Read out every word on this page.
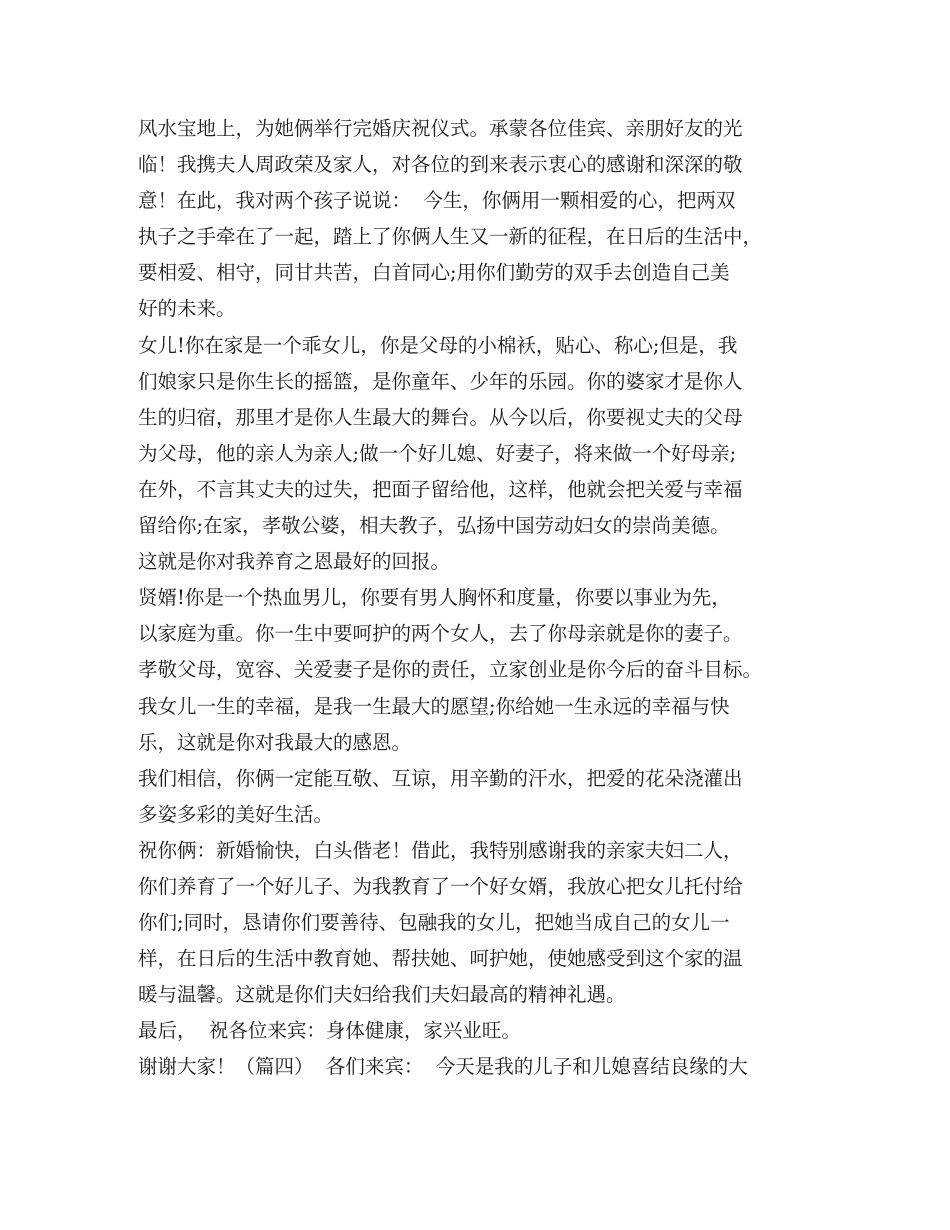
风水宝地上，为她俩举行完婚庆祝仪式。承蒙各位佳宾、亲朋好友的光
临！我携夫人周政荣及家人，对各位的到来表示衷心的感谢和深深的敬
意！在此，我对两个孩子说说：  今生，你俩用一颗相爱的心，把两双
执子之手牵在了一起，踏上了你俩人生又一新的征程，在日后的生活中，
要相爱、相守，同甘共苦，白首同心;用你们勤劳的双手去创造自己美
好的未来。
女儿!你在家是一个乖女儿，你是父母的小棉袄，贴心、称心;但是，我
们娘家只是你生长的摇篮，是你童年、少年的乐园。你的婆家才是你人
生的归宿，那里才是你人生最大的舞台。从今以后，你要视丈夫的父母
为父母，他的亲人为亲人;做一个好儿媳、好妻子，将来做一个好母亲;
在外，不言其丈夫的过失，把面子留给他，这样，他就会把关爱与幸福
留给你;在家，孝敬公婆，相夫教子，弘扬中国劳动妇女的崇尚美德。
这就是你对我养育之恩最好的回报。
贤婿!你是一个热血男儿，你要有男人胸怀和度量，你要以事业为先，
以家庭为重。你一生中要呵护的两个女人，去了你母亲就是你的妻子。
孝敬父母，宽容、关爱妻子是你的责任，立家创业是你今后的奋斗目标。
我女儿一生的幸福，是我一生最大的愿望;你给她一生永远的幸福与快
乐，这就是你对我最大的感恩。
我们相信，你俩一定能互敬、互谅，用辛勤的汗水，把爱的花朵浇灌出
多姿多彩的美好生活。
祝你俩：新婚愉快，白头偕老！借此，我特别感谢我的亲家夫妇二人，
你们养育了一个好儿子、为我教育了一个好女婿，我放心把女儿托付给
你们;同时，恳请你们要善待、包融我的女儿，把她当成自己的女儿一
样，在日后的生活中教育她、帮扶她、呵护她，使她感受到这个家的温
暖与温馨。这就是你们夫妇给我们夫妇最高的精神礼遇。
最后，  祝各位来宾：身体健康，家兴业旺。
谢谢大家！（篇四）  各们来宾：  今天是我的儿子和儿媳喜结良缘的大
